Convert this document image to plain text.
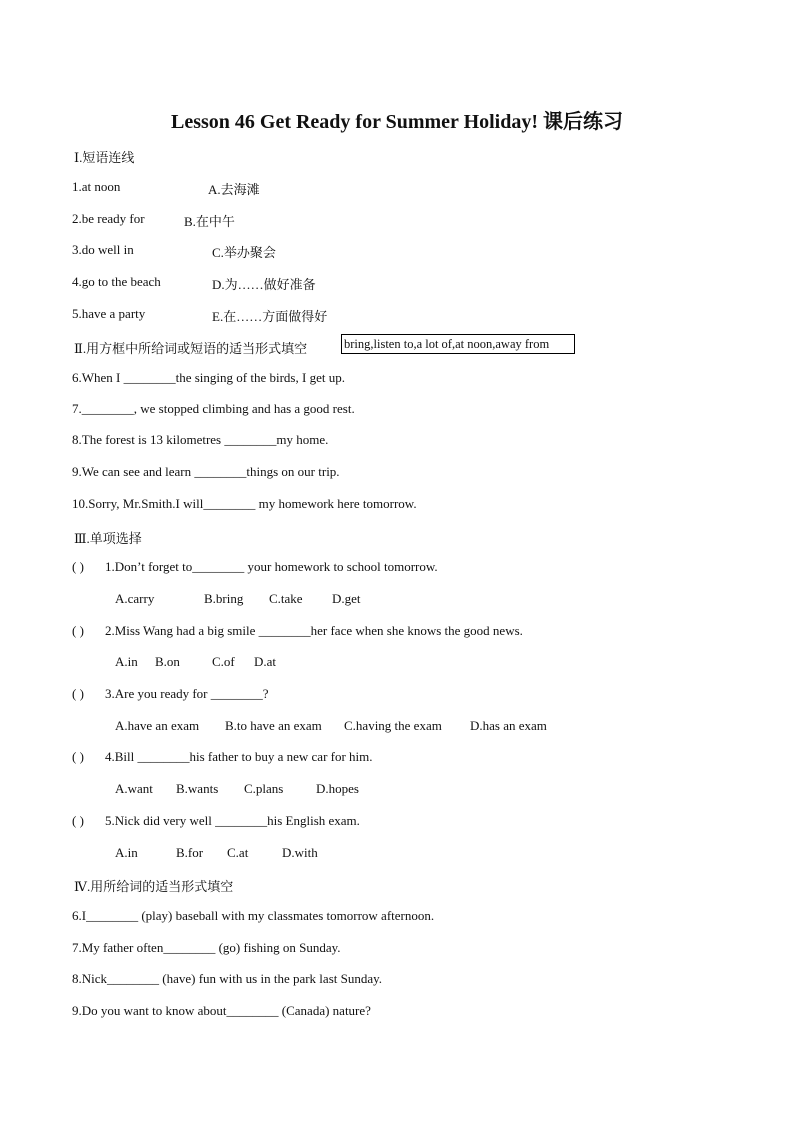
Lesson 46 Get Ready for Summer Holiday! 课后练习
Ⅰ.短语连线
1.at noon	A.去海滩
2.be ready for	B.在中午
3.do well in	C.举办聚会
4.go to the beach	D.为……做好准备
5.have a party	E.在……方面做得好
Ⅱ.用方框中所给词或短语的适当形式填空	bring,listen to,a lot of,at noon,away from
6.When I ________the singing of the birds, I get up.
7.________, we stopped climbing and has a good rest.
8.The forest is 13 kilometres ________my home.
9.We can see and learn ________things on our trip.
10.Sorry, Mr.Smith.I will________ my homework here tomorrow.
Ⅲ.单项选择
( ) 1.Don’t forget to________ your homework to school tomorrow.
A.carry	B.bring C.take D.get
( ) 2.Miss Wang had a big smile ________her face when she knows the good news.
A.in B.on C.of D.at
( ) 3.Are you ready for ________?
A.have an exam B.to have an exam C.having the exam D.has an exam
( ) 4.Bill ________his father to buy a new car for him.
A.want B.wants C.plans	D.hopes
( ) 5.Nick did very well ________his English exam.
A.in	B.for C.at	D.with
Ⅳ.用所给词的适当形式填空
6.I________ (play) baseball with my classmates tomorrow afternoon.
7.My father often________ (go) fishing on Sunday.
8.Nick________ (have) fun with us in the park last Sunday.
9.Do you want to know about________ (Canada) nature?
